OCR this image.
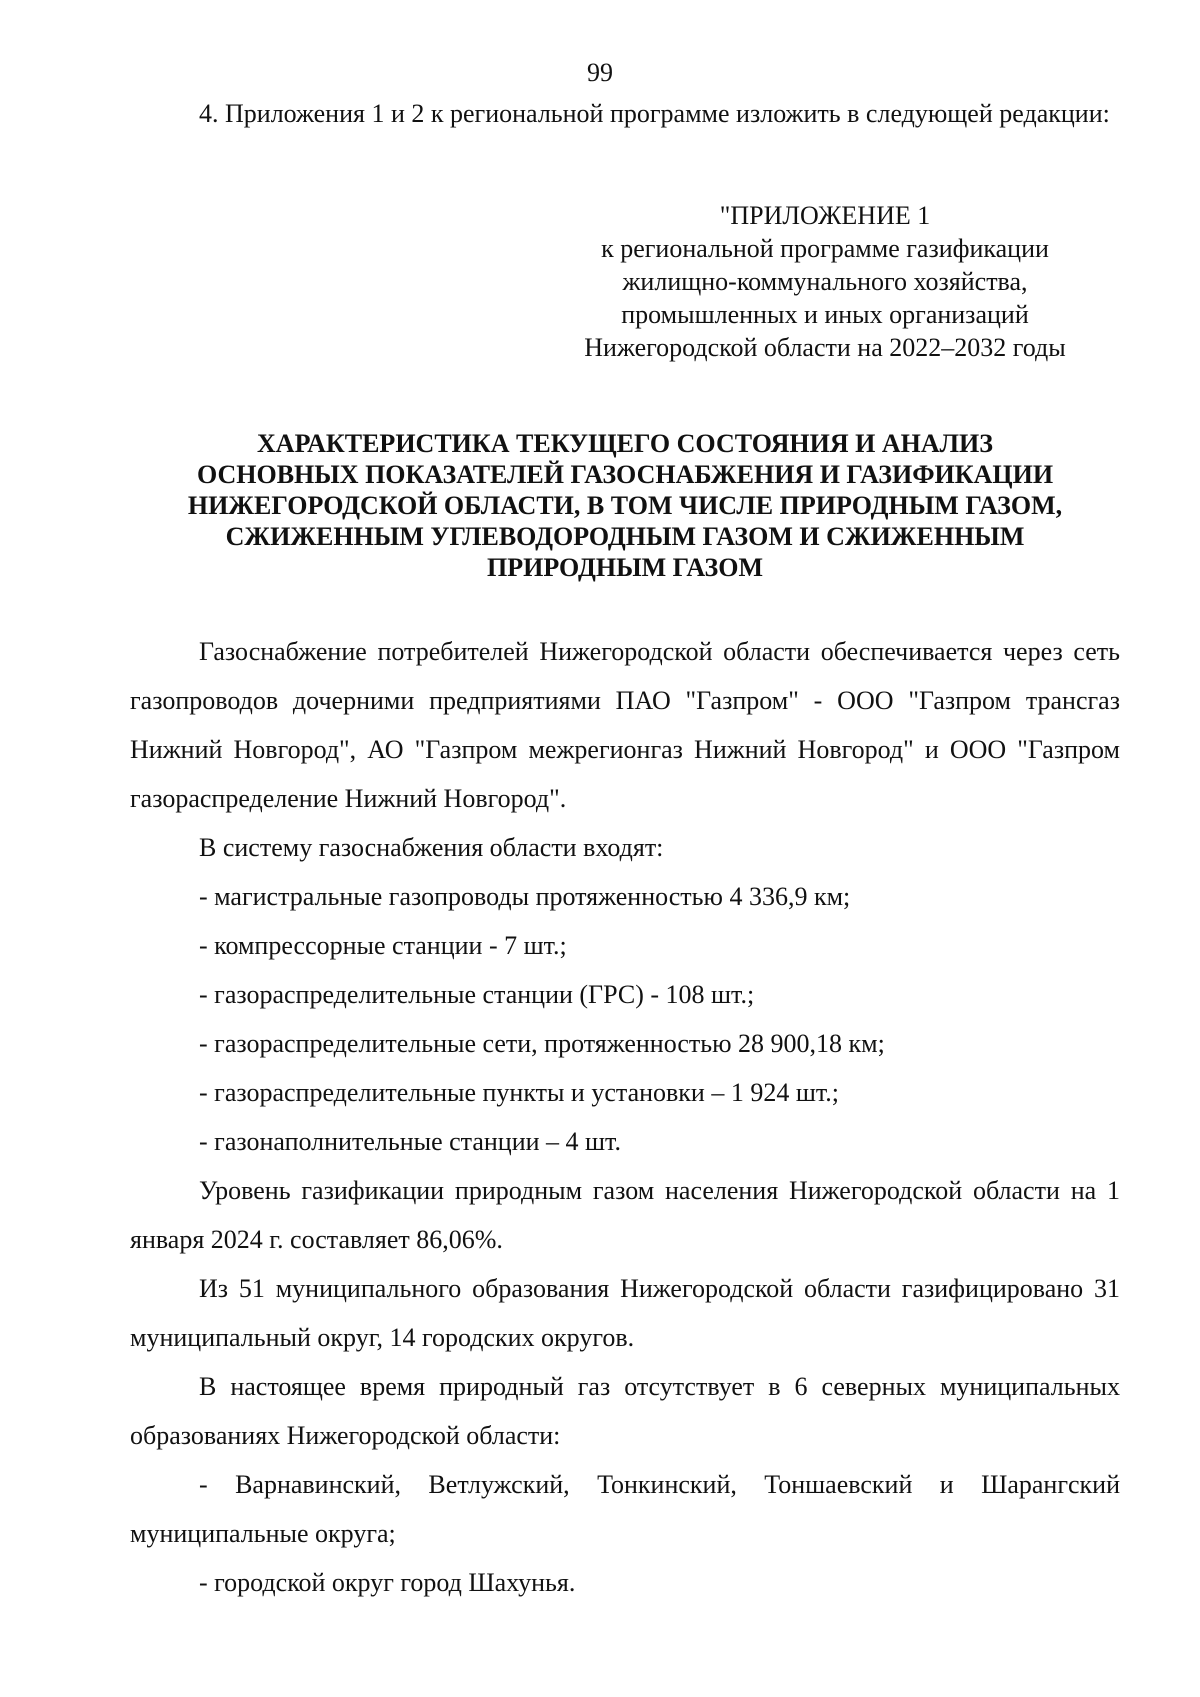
99

4. Приложения 1 и 2 к региональной программе изложить в следующей редакции:

"ПРИЛОЖЕНИЕ 1
к региональной программе газификации
жилищно-коммунального хозяйства,
промышленных и иных организаций
Нижегородской области на 2022–2032 годы
ХАРАКТЕРИСТИКА ТЕКУЩЕГО СОСТОЯНИЯ И АНАЛИЗ
ОСНОВНЫХ ПОКАЗАТЕЛЕЙ ГАЗОСНАБЖЕНИЯ И ГАЗИФИКАЦИИ
НИЖЕГОРОДСКОЙ ОБЛАСТИ, В ТОМ ЧИСЛЕ ПРИРОДНЫМ ГАЗОМ,
СЖИЖЕННЫМ УГЛЕВОДОРОДНЫМ ГАЗОМ И СЖИЖЕННЫМ
ПРИРОДНЫМ ГАЗОМ

Газоснабжение потребителей Нижегородской области обеспечивается через сеть газопроводов дочерними предприятиями ПАО "Газпром" - ООО "Газпром трансгаз Нижний Новгород", АО "Газпром межрегионгаз Нижний Новгород" и ООО "Газпром газораспределение Нижний Новгород".

В систему газоснабжения области входят:

- магистральные газопроводы протяженностью 4 336,9 км;

- компрессорные станции - 7 шт.;

- газораспределительные станции (ГРС) - 108 шт.;

- газораспределительные сети, протяженностью 28 900,18 км;

- газораспределительные пункты и установки – 1 924 шт.;

- газонаполнительные станции – 4 шт.

Уровень газификации природным газом населения Нижегородской области на 1 января 2024 г. составляет 86,06%.

Из 51 муниципального образования Нижегородской области газифицировано 31 муниципальный округ, 14 городских округов.

В настоящее время природный газ отсутствует в 6 северных муниципальных образованиях Нижегородской области:

- Варнавинский, Ветлужский, Тонкинский, Тоншаевский и Шарангский муниципальные округа;

- городской округ город Шахунья.
